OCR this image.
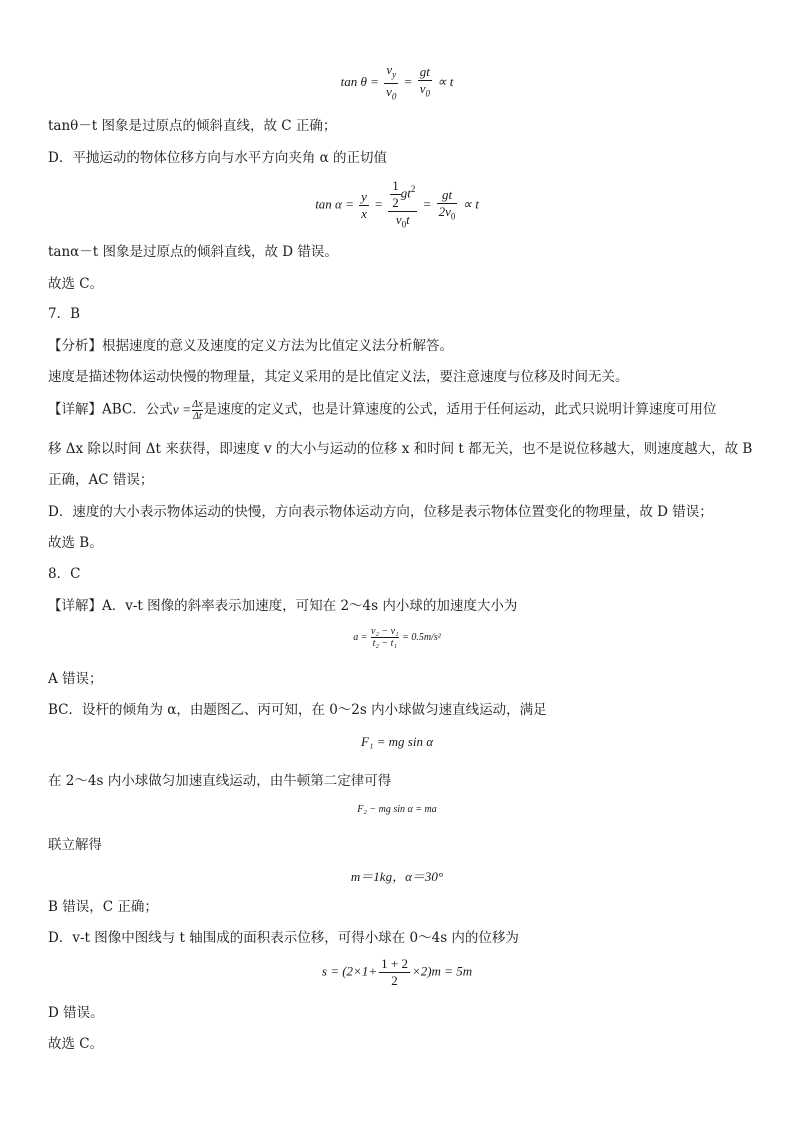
$\tan \theta = \frac{v_y}{v_0} = \frac{gt}{v_0} \propto t$
tanθ－t 图象是过原点的倾斜直线，故 C 正确；
D．平抛运动的物体位移方向与水平方向夹角 α 的正切值
$\tan \alpha = \frac{y}{x} = \frac{\frac{1}{2} gt^2}{v_0t} = \frac{gt}{2v_0} \propto t$
tanα－t 图象是过原点的倾斜直线，故 D 错误。
故选 C。
7．B
【分析】根据速度的意义及速度的定义方法为比值定义法分析解答。
速度是描述物体运动快慢的物理量，其定义采用的是比值定义法，要注意速度与位移及时间无关。
【详解】ABC．公式$v = \frac{\Delta x}{\Delta t}$ 是速度的定义式，也是计算速度的公式，适用于任何运动，此式只说明计算速度可用位
移 Δx 除以时间 Δt 来获得，即速度 v 的大小与运动的位移 x 和时间 t 都无关，也不是说位移越大，则速度越大，故 B
正确，AC 错误；
D．速度的大小表示物体运动的快慢，方向表示物体运动方向，位移是表示物体位置变化的物理量，故 D 错误；
故选 B。
8．C
【详解】A．v-t 图像的斜率表示加速度，可知在 2～4s 内小球的加速度大小为
$a = \frac{\text{v₂ − v₁}}{\text{t₂ − t₁}} = 0.5m/s^2$
A 错误；
BC．设杆的倾角为 α，由题图乙、丙可知，在 0～2s 内小球做匀速直线运动，满足
F₁ = mg sin α
在 2～4s 内小球做匀加速直线运动，由牛顿第二定律可得
F₂ − mg sin α = ma
联立解得
m＝1kg，α＝30°
B 错误，C 正确；
D．v-t 图像中图线与 t 轴围成的面积表示位移，可得小球在 0～4s 内的位移为
$s = (2\times 1+ \frac{1 + 2}{2} \times 2)m = 5m$
D 错误。
故选 C。
